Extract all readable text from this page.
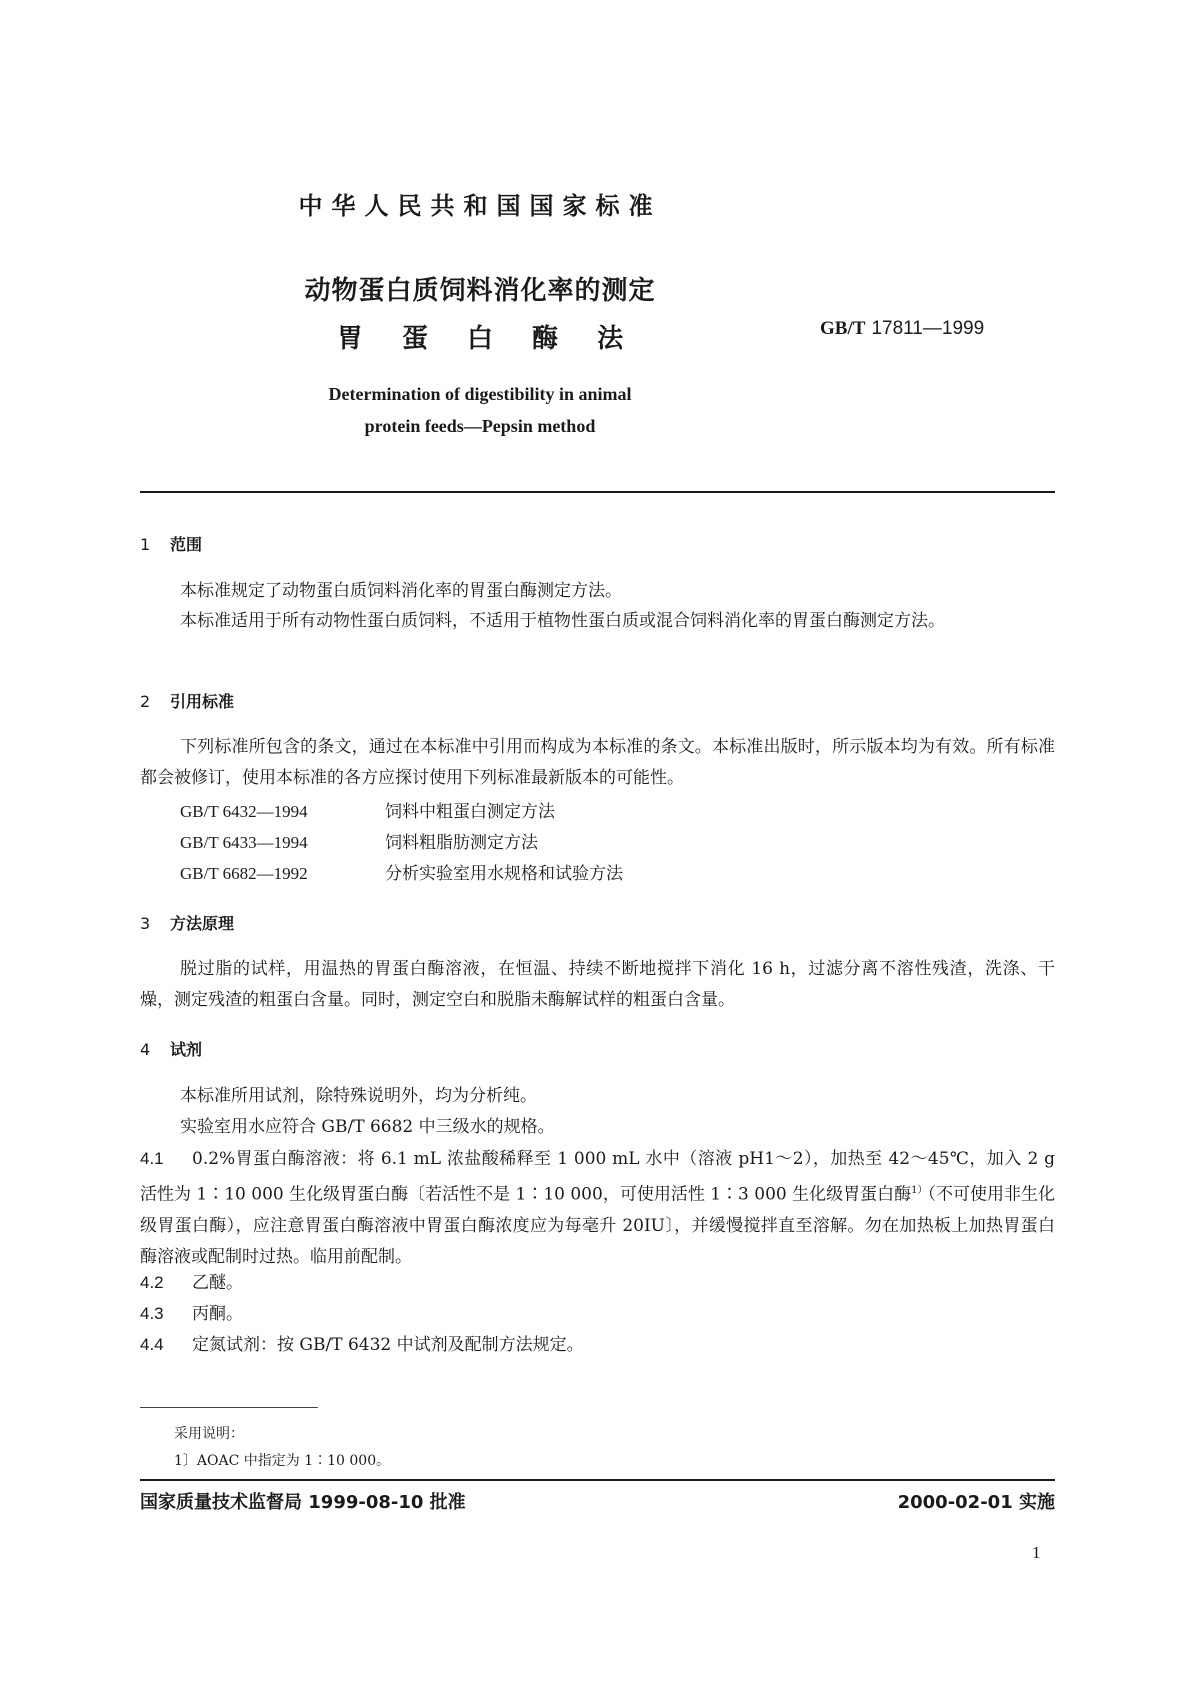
中华人民共和国国家标准
动物蛋白质饲料消化率的测定
胃 蛋 白 酶 法	GB/T 17811—1999
Determination of digestibility in animal
protein feeds—Pepsin method
1 范围
本标准规定了动物蛋白质饲料消化率的胃蛋白酶测定方法。
本标准适用于所有动物性蛋白质饲料，不适用于植物性蛋白质或混合饲料消化率的胃蛋白酶测定方法。
2 引用标准
下列标准所包含的条文，通过在本标准中引用而构成为本标准的条文。本标准出版时，所示版本均为有效。所有标准都会被修订，使用本标准的各方应探讨使用下列标准最新版本的可能性。
GB/T 6432—1994	饲料中粗蛋白测定方法
GB/T 6433—1994	饲料粗脂肪测定方法
GB/T 6682—1992	分析实验室用水规格和试验方法
3 方法原理
脱过脂的试样，用温热的胃蛋白酶溶液，在恒温、持续不断地搅拌下消化 16 h，过滤分离不溶性残渣，洗涤、干燥，测定残渣的粗蛋白含量。同时，测定空白和脱脂未酶解试样的粗蛋白含量。
4 试剂
本标准所用试剂，除特殊说明外，均为分析纯。
实验室用水应符合 GB/T 6682 中三级水的规格。
4.1 0.2%胃蛋白酶溶液：将 6.1 mL 浓盐酸稀释至 1 000 mL 水中（溶液 pH1～2），加热至 42～45℃，加入 2 g 活性为 1∶10 000 生化级胃蛋白酶〔若活性不是 1∶10 000，可使用活性 1∶3 000 生化级胃蛋白酶$^{1)}$（不可使用非生化级胃蛋白酶），应注意胃蛋白酶溶液中胃蛋白酶浓度应为每毫升 20IU〕，并缓慢搅拌直至溶解。勿在加热板上加热胃蛋白酶溶液或配制时过热。临用前配制。
4.2 乙醚。
4.3 丙酮。
4.4 定氮试剂：按 GB/T 6432 中试剂及配制方法规定。
采用说明：
1〕AOAC 中指定为 1∶10 000。
国家质量技术监督局 1999-08-10 批准	2000-02-01 实施
1
